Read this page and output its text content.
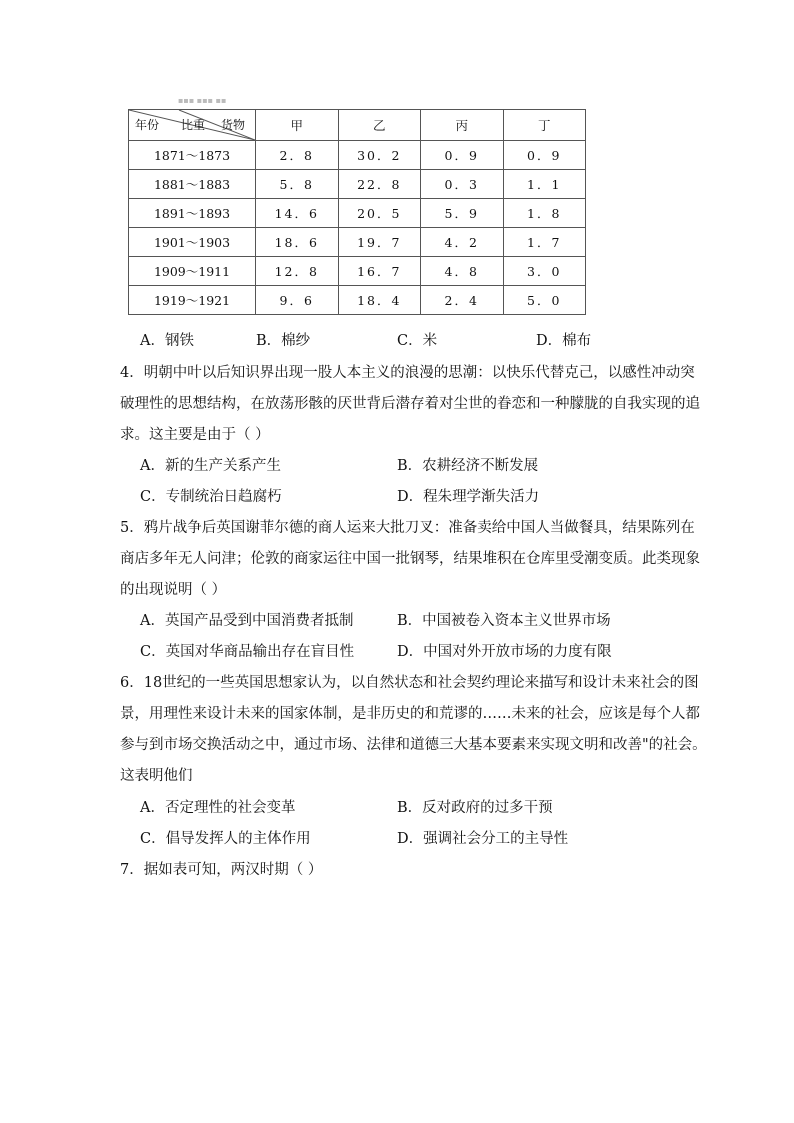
▪▪▪ ▪▪▪ ▪▪
年份 比重 货物	甲	乙	丙	丁
1871～1873	2．8	30．2	0．9	0．9
1881～1883	5．8	22．8	0．3	1．1
1891～1893	14．6	20．5	5．9	1．8
1901～1903	18．6	19．7	4．2	1．7
1909～1911	12．8	16．7	4．8	3．0
1919～1921	9．6	18．4	2．4	5．0
A．钢铁	B．棉纱	C．米	D．棉布
4．明朝中叶以后知识界出现一股人本主义的浪漫的思潮：以快乐代替克己，以感性冲动突
破理性的思想结构，在放荡形骸的厌世背后潜存着对尘世的眷恋和一种朦胧的自我实现的追
求。这主要是由于（ ）
A．新的生产关系产生	B．农耕经济不断发展
C．专制统治日趋腐朽	D．程朱理学渐失活力
5．鸦片战争后英国谢菲尔德的商人运来大批刀叉：准备卖给中国人当做餐具，结果陈列在
商店多年无人问津；伦敦的商家运往中国一批钢琴，结果堆积在仓库里受潮变质。此类现象
的出现说明（ ）
A．英国产品受到中国消费者抵制	B．中国被卷入资本主义世界市场
C．英国对华商品输出存在盲目性	D．中国对外开放市场的力度有限
6．18世纪的一些英国思想家认为，以自然状态和社会契约理论来描写和设计未来社会的图
景，用理性来设计未来的国家体制，是非历史的和荒谬的……未来的社会，应该是每个人都
参与到市场交换活动之中，通过市场、法律和道德三大基本要素来实现文明和改善"的社会。
这表明他们
A．否定理性的社会变革	B．反对政府的过多干预
C．倡导发挥人的主体作用	D．强调社会分工的主导性
7．据如表可知，两汉时期（ ）
